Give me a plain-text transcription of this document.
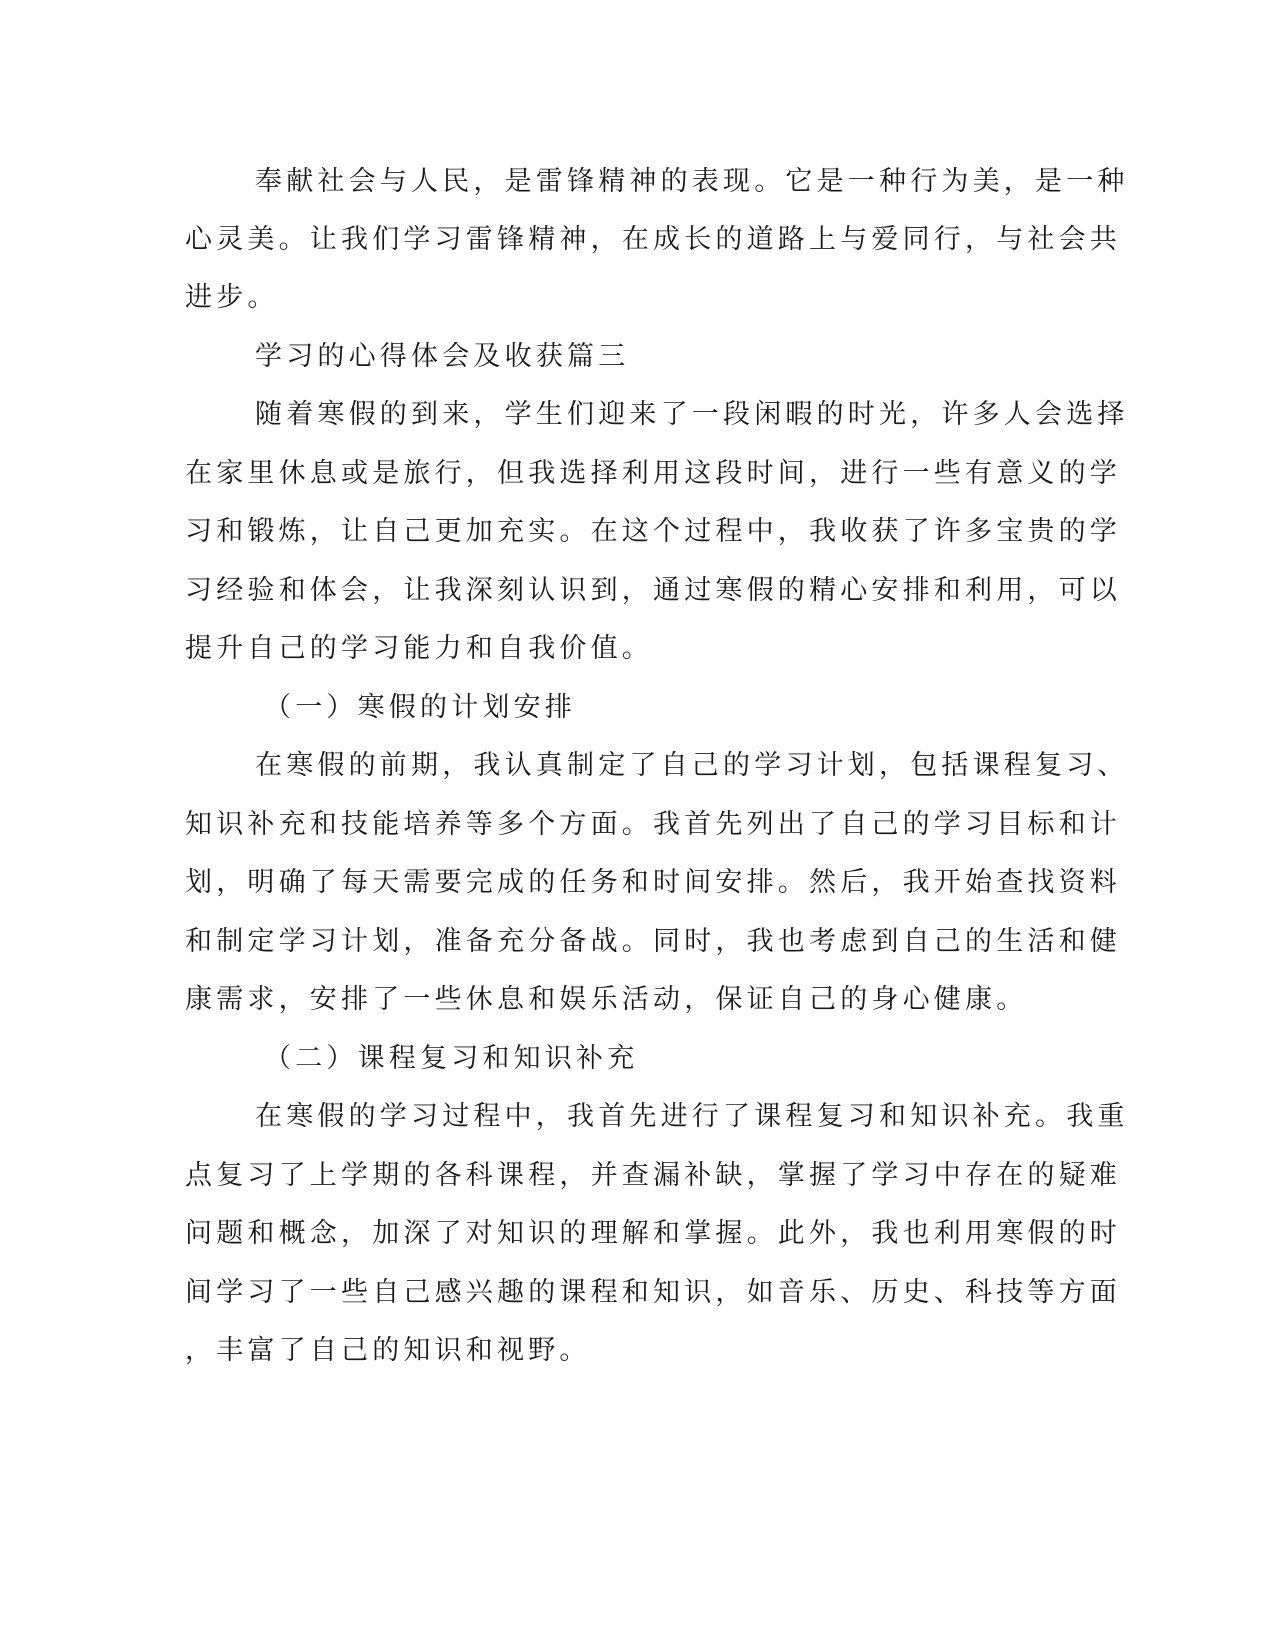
奉献社会与人民，是雷锋精神的表现。它是一种行为美，是一种
心灵美。让我们学习雷锋精神，在成长的道路上与爱同行，与社会共
进步。
学习的心得体会及收获篇三
随着寒假的到来，学生们迎来了一段闲暇的时光，许多人会选择
在家里休息或是旅行，但我选择利用这段时间，进行一些有意义的学
习和锻炼，让自己更加充实。在这个过程中，我收获了许多宝贵的学
习经验和体会，让我深刻认识到，通过寒假的精心安排和利用，可以
提升自己的学习能力和自我价值。
（一）寒假的计划安排
在寒假的前期，我认真制定了自己的学习计划，包括课程复习、
知识补充和技能培养等多个方面。我首先列出了自己的学习目标和计
划，明确了每天需要完成的任务和时间安排。然后，我开始查找资料
和制定学习计划，准备充分备战。同时，我也考虑到自己的生活和健
康需求，安排了一些休息和娱乐活动，保证自己的身心健康。
（二）课程复习和知识补充
在寒假的学习过程中，我首先进行了课程复习和知识补充。我重
点复习了上学期的各科课程，并查漏补缺，掌握了学习中存在的疑难
问题和概念，加深了对知识的理解和掌握。此外，我也利用寒假的时
间学习了一些自己感兴趣的课程和知识，如音乐、历史、科技等方面
，丰富了自己的知识和视野。
